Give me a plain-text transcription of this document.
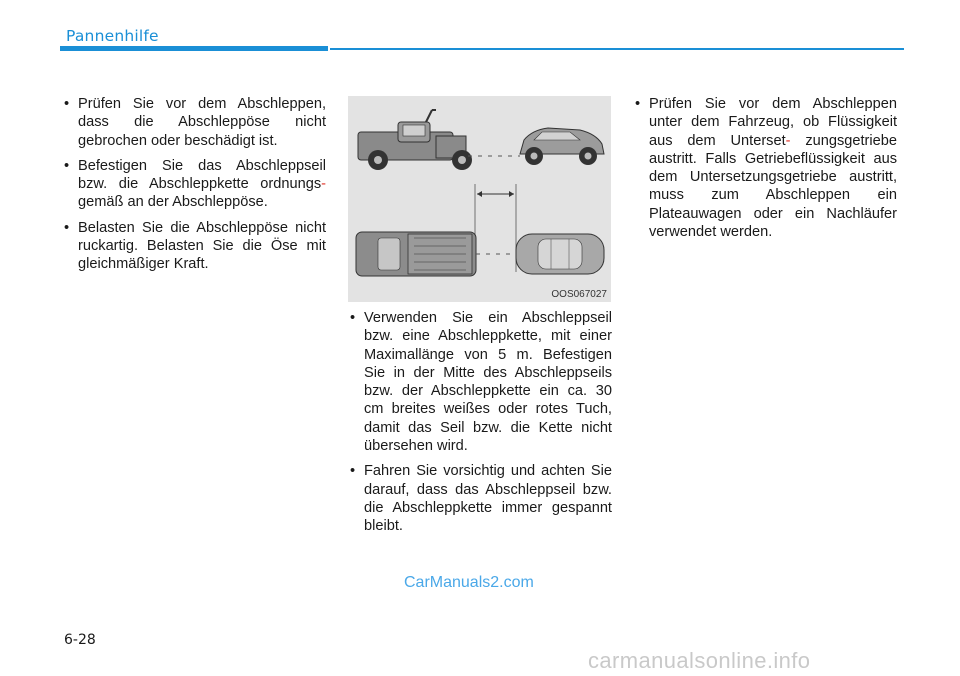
Pannenhilfe
• Prüfen Sie vor dem Abschleppen, dass die Abschleppöse nicht gebrochen oder beschädigt ist.
• Befestigen Sie das Abschleppseil bzw. die Abschleppkette ordnungs- gemäß an der Abschleppöse.
• Belasten Sie die Abschleppöse nicht ruckartig. Belasten Sie die Öse mit gleichmäßiger Kraft.
OOS067027
• Verwenden Sie ein Abschleppseil bzw. eine Abschleppkette, mit einer Maximallänge von 5 m. Befestigen Sie in der Mitte des Abschleppseils bzw. der Abschleppkette ein ca. 30 cm breites weißes oder rotes Tuch, damit das Seil bzw. die Kette nicht übersehen wird.
• Fahren Sie vorsichtig und achten Sie darauf, dass das Abschleppseil bzw. die Abschleppkette immer gespannt bleibt.
• Prüfen Sie vor dem Abschleppen unter dem Fahrzeug, ob Flüssigkeit aus dem Unterset- zungsgetriebe austritt. Falls Getriebeflüssigkeit aus dem Untersetzungsgetriebe austritt, muss zum Abschleppen ein Plateauwagen oder ein Nachläufer verwendet werden.
CarManuals2.com
6-28
carmanualsonline.info
